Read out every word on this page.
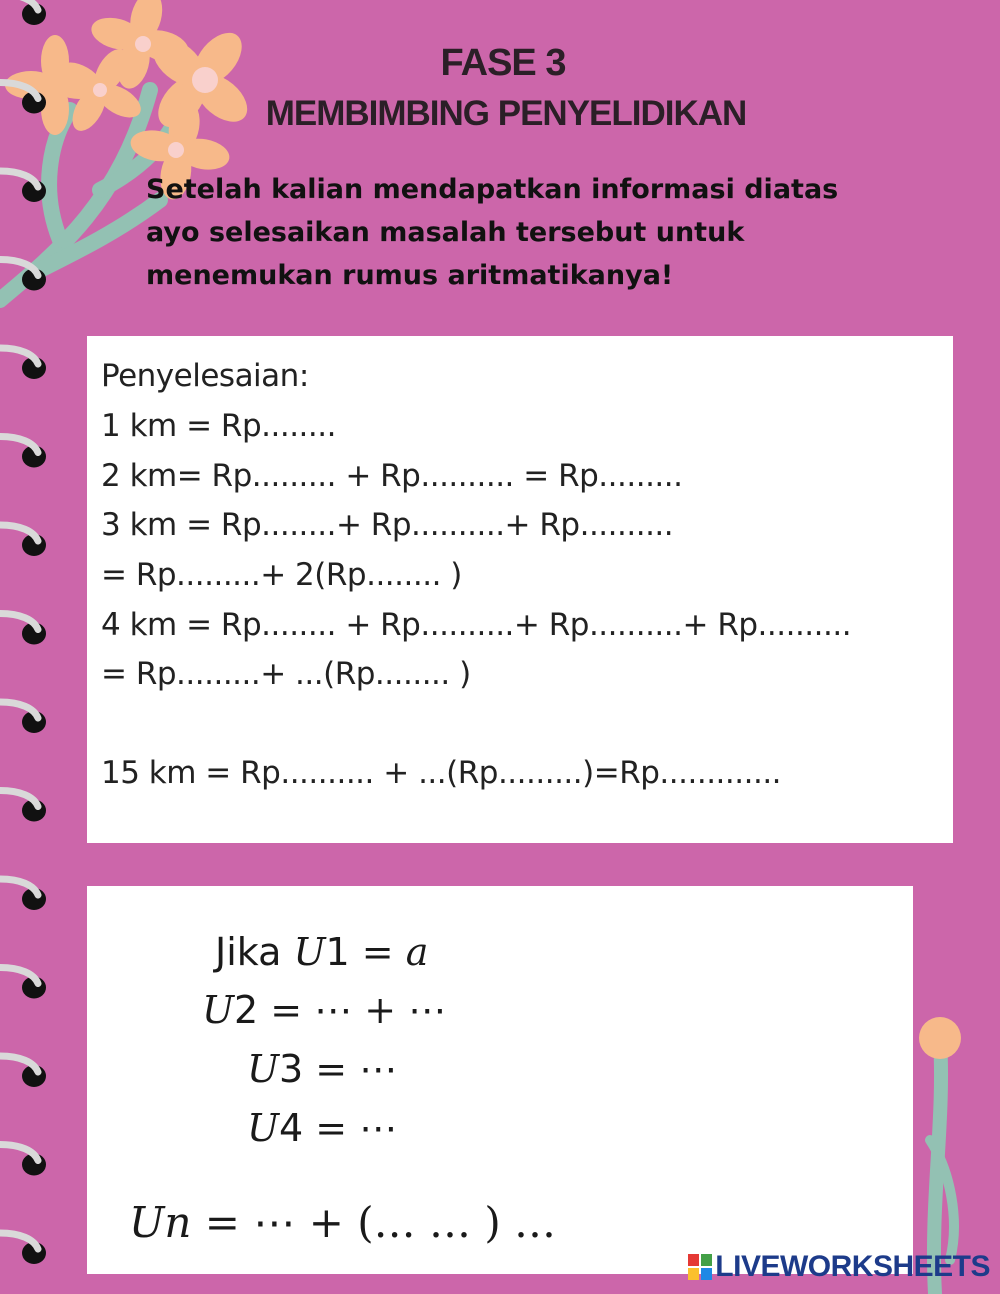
FASE 3
MEMBIMBING PENYELIDIKAN
Setelah kalian mendapatkan informasi diatas
ayo selesaikan masalah tersebut untuk
menemukan rumus aritmatikanya!
Penyelesaian:
1 km = Rp........
2 km= Rp......... + Rp.......... = Rp.........
3 km = Rp........+ Rp..........+ Rp..........
= Rp.........+ 2(Rp........ )
4 km = Rp........ + Rp..........+ Rp..........+ Rp..........
= Rp.........+ ...(Rp........ )
15 km = Rp.......... + ...(Rp.........)=Rp.............
Jika U1 = a
U2 = ⋯ + ⋯
U3 = ⋯
U4 = ⋯
Un = ⋯ + (… … ) …
LIVEWORKSHEETS
